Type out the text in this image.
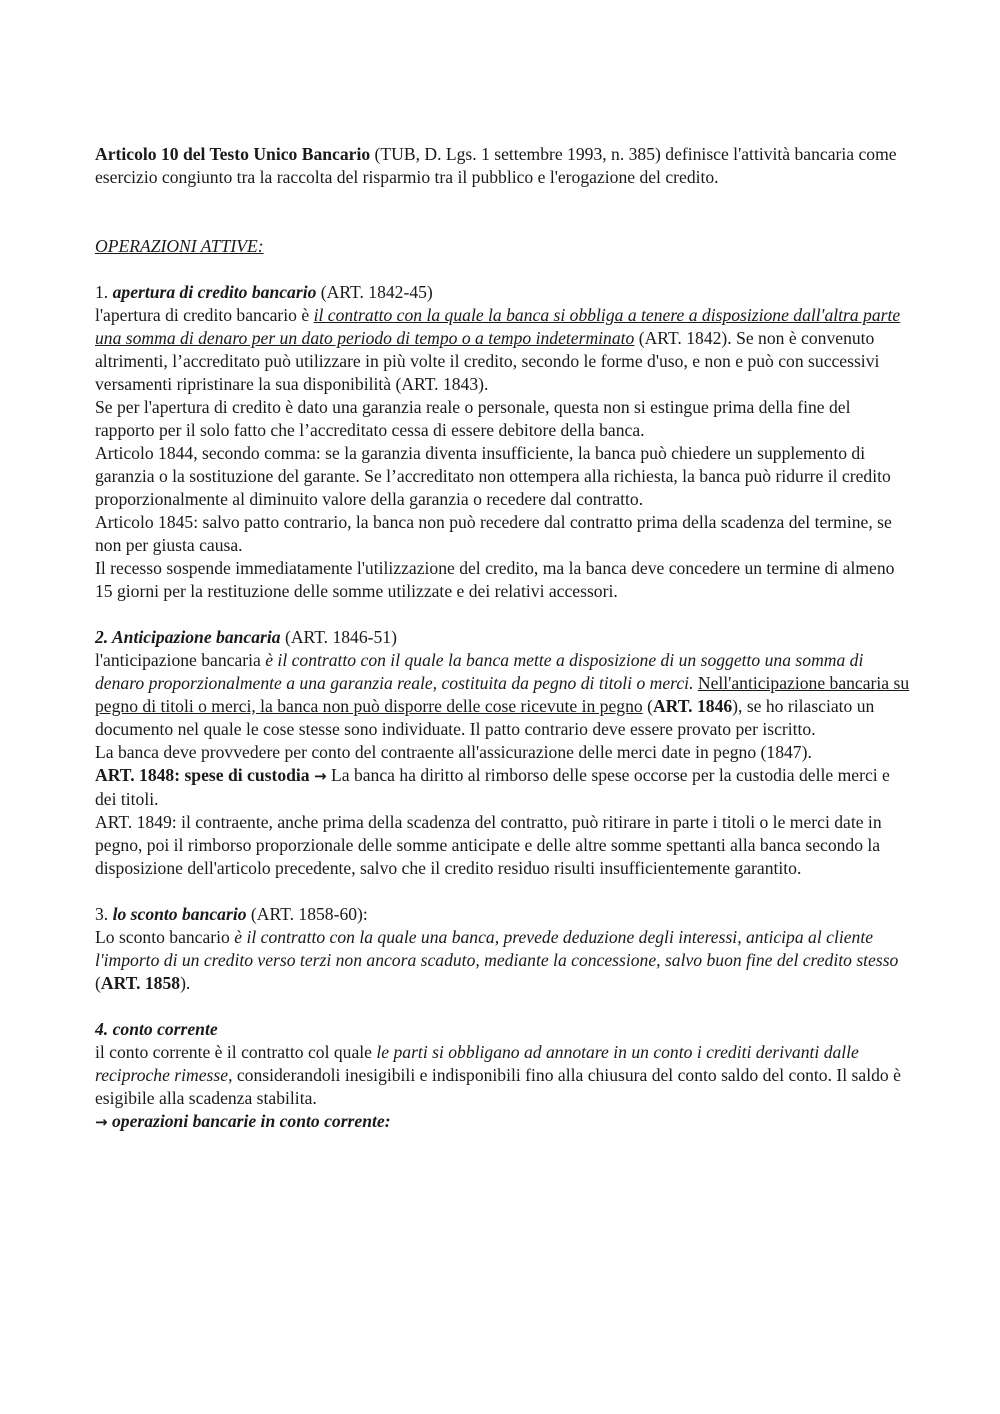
Articolo 10 del Testo Unico Bancario (TUB, D. Lgs. 1 settembre 1993, n. 385) definisce l'attività bancaria come esercizio congiunto tra la raccolta del risparmio tra il pubblico e l'erogazione del credito.

OPERAZIONI ATTIVE:

1. apertura di credito bancario (ART. 1842-45)

l'apertura di credito bancario è il contratto con la quale la banca si obbliga a tenere a disposizione dall'altra parte una somma di denaro per un dato periodo di tempo o a tempo indeterminato (ART. 1842). Se non è convenuto altrimenti, l’accreditato può utilizzare in più volte il credito, secondo le forme d'uso, e non e può con successivi versamenti ripristinare la sua disponibilità (ART. 1843).

Se per l'apertura di credito è dato una garanzia reale o personale, questa non si estingue prima della fine del rapporto per il solo fatto che l’accreditato cessa di essere debitore della banca.

Articolo 1844, secondo comma: se la garanzia diventa insufficiente, la banca può chiedere un supplemento di garanzia o la sostituzione del garante. Se l’accreditato non ottempera alla richiesta, la banca può ridurre il credito proporzionalmente al diminuito valore della garanzia o recedere dal contratto.

Articolo 1845: salvo patto contrario, la banca non può recedere dal contratto prima della scadenza del termine, se non per giusta causa.

Il recesso sospende immediatamente l'utilizzazione del credito, ma la banca deve concedere un termine di almeno 15 giorni per la restituzione delle somme utilizzate e dei relativi accessori.

2. Anticipazione bancaria (ART. 1846-51)

l'anticipazione bancaria è il contratto con il quale la banca mette a disposizione di un soggetto una somma di denaro proporzionalmente a una garanzia reale, costituita da pegno di titoli o merci. Nell'anticipazione bancaria su pegno di titoli o merci, la banca non può disporre delle cose ricevute in pegno (ART. 1846), se ho rilasciato un documento nel quale le cose stesse sono individuate. Il patto contrario deve essere provato per iscritto.

La banca deve provvedere per conto del contraente all'assicurazione delle merci date in pegno (1847).

ART. 1848: spese di custodia → La banca ha diritto al rimborso delle spese occorse per la custodia delle merci e dei titoli.

ART. 1849: il contraente, anche prima della scadenza del contratto, può ritirare in parte i titoli o le merci date in pegno, poi il rimborso proporzionale delle somme anticipate e delle altre somme spettanti alla banca secondo la disposizione dell'articolo precedente, salvo che il credito residuo risulti insufficientemente garantito.

3. lo sconto bancario (ART. 1858-60):

Lo sconto bancario è il contratto con la quale una banca, prevede deduzione degli interessi, anticipa al cliente l'importo di un credito verso terzi non ancora scaduto, mediante la concessione, salvo buon fine del credito stesso (ART. 1858).

4. conto corrente

il conto corrente è il contratto col quale le parti si obbligano ad annotare in un conto i crediti derivanti dalle reciproche rimesse, considerandoli inesigibili e indisponibili fino alla chiusura del conto saldo del conto. Il saldo è esigibile alla scadenza stabilita.

→ operazioni bancarie in conto corrente:
